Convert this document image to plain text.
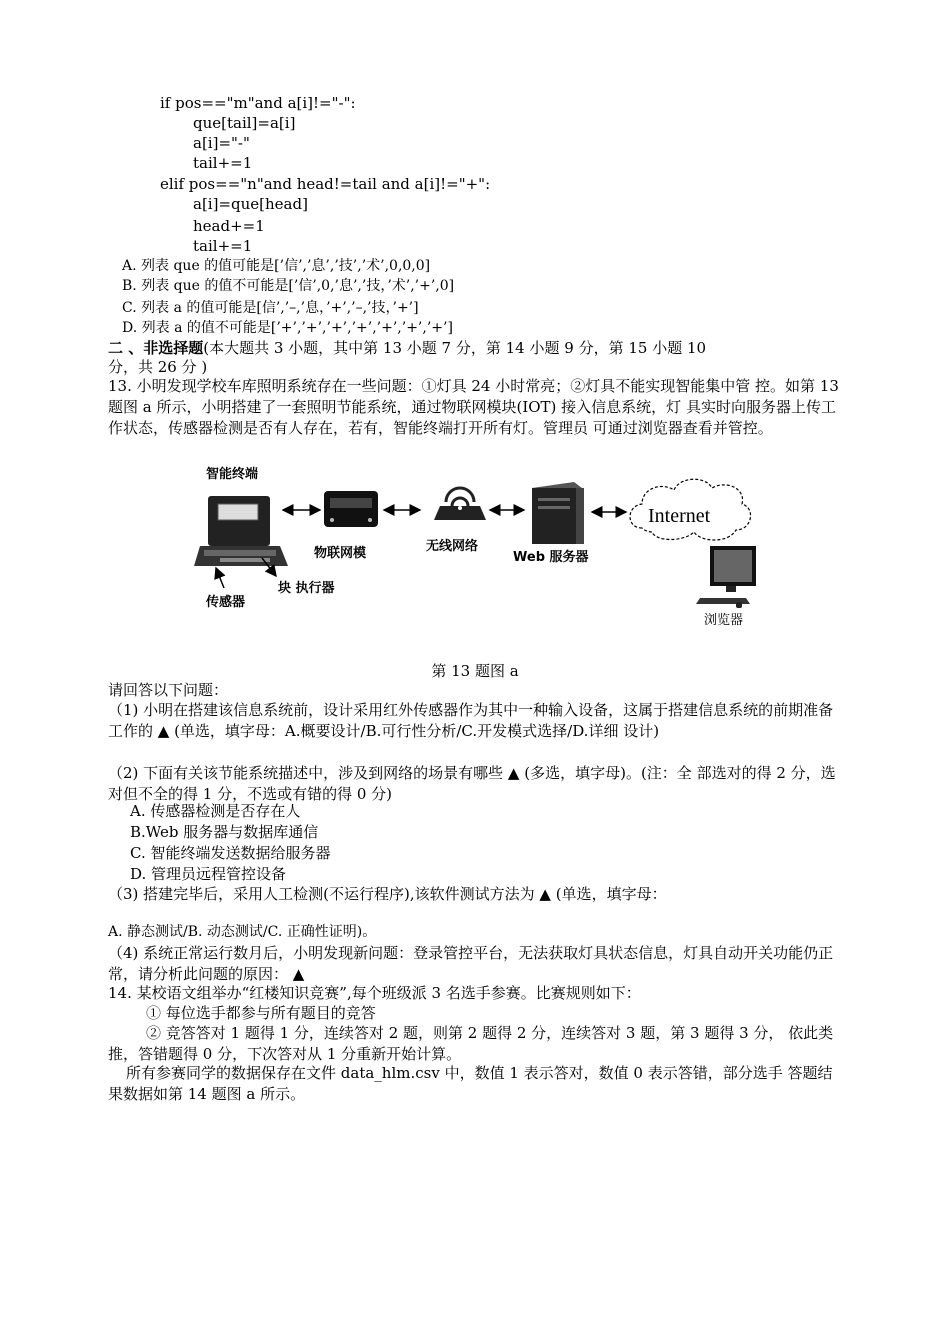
if pos=="m"and a[i]!="-":
que[tail]=a[i]
a[i]="-"
tail+=1
elif pos=="n"and head!=tail and a[i]!="+":
a[i]=que[head]
head+=1
tail+=1
A. 列表 que 的值可能是[’信’,’息’,’技’,’术’,0,0,0]
B. 列表 que 的值不可能是[’信’,0,’息’,’技，’术’,’+’,0]
C. 列表 a 的值可能是[信’,’–,’息，’+’,’–,’技，’+’]
D. 列表 a 的值不可能是[’+’,’+’,’+’,’+’,’+’,’+’,’+’]
二 、非选择题(本大题共 3 小题，其中第 13 小题 7 分，第 14 小题 9 分，第 15 小题 10
分，共 26 分 )
13. 小明发现学校车库照明系统存在一些问题：①灯具 24 小时常亮；②灯具不能实现智能集中管 控。如第 13 题图 a 所示，小明搭建了一套照明节能系统，通过物联网模块(IOT) 接入信息系统，灯 具实时向服务器上传工作状态，传感器检测是否有人存在，若有，智能终端打开所有灯。管理员 可通过浏览器查看并管控。
智能终端
物联网模	无线网络
Web 服务器
Internet
浏览器
传感器
块 执行器
第 13 题图 a
请回答以下问题：
（1) 小明在搭建该信息系统前，设计采用红外传感器作为其中一种输入设备，这属于搭建信息系统的前期准备工作的 ▲ (单选，填字母：A.概要设计/B.可行性分析/C.开发模式选择/D.详细 设计)
（2) 下面有关该节能系统描述中，涉及到网络的场景有哪些 ▲ (多选，填字母)。(注：全 部选对的得 2 分，选对但不全的得 1 分，不选或有错的得 0 分)
A. 传感器检测是否存在人
B.Web 服务器与数据库通信
C. 智能终端发送数据给服务器
D. 管理员远程管控设备
（3) 搭建完毕后，采用人工检测(不运行程序),该软件测试方法为 ▲ (单选，填字母：
A. 静态测试/B. 动态测试/C. 正确性证明)。
（4) 系统正常运行数月后，小明发现新问题：登录管控平台，无法获取灯具状态信息，灯具自动开关功能仍正常，请分析此问题的原因： ▲
14. 某校语文组举办“红楼知识竞赛”,每个班级派 3 名选手参赛。比赛规则如下：
① 每位选手都参与所有题目的竞答
② 竞答答对 1 题得 1 分，连续答对 2 题，则第 2 题得 2 分，连续答对 3 题，第 3 题得 3 分， 依此类推，答错题得 0 分，下次答对从 1 分重新开始计算。
所有参赛同学的数据保存在文件 data_hlm.csv 中，数值 1 表示答对，数值 0 表示答错，部分选手 答题结果数据如第 14 题图 a 所示。
